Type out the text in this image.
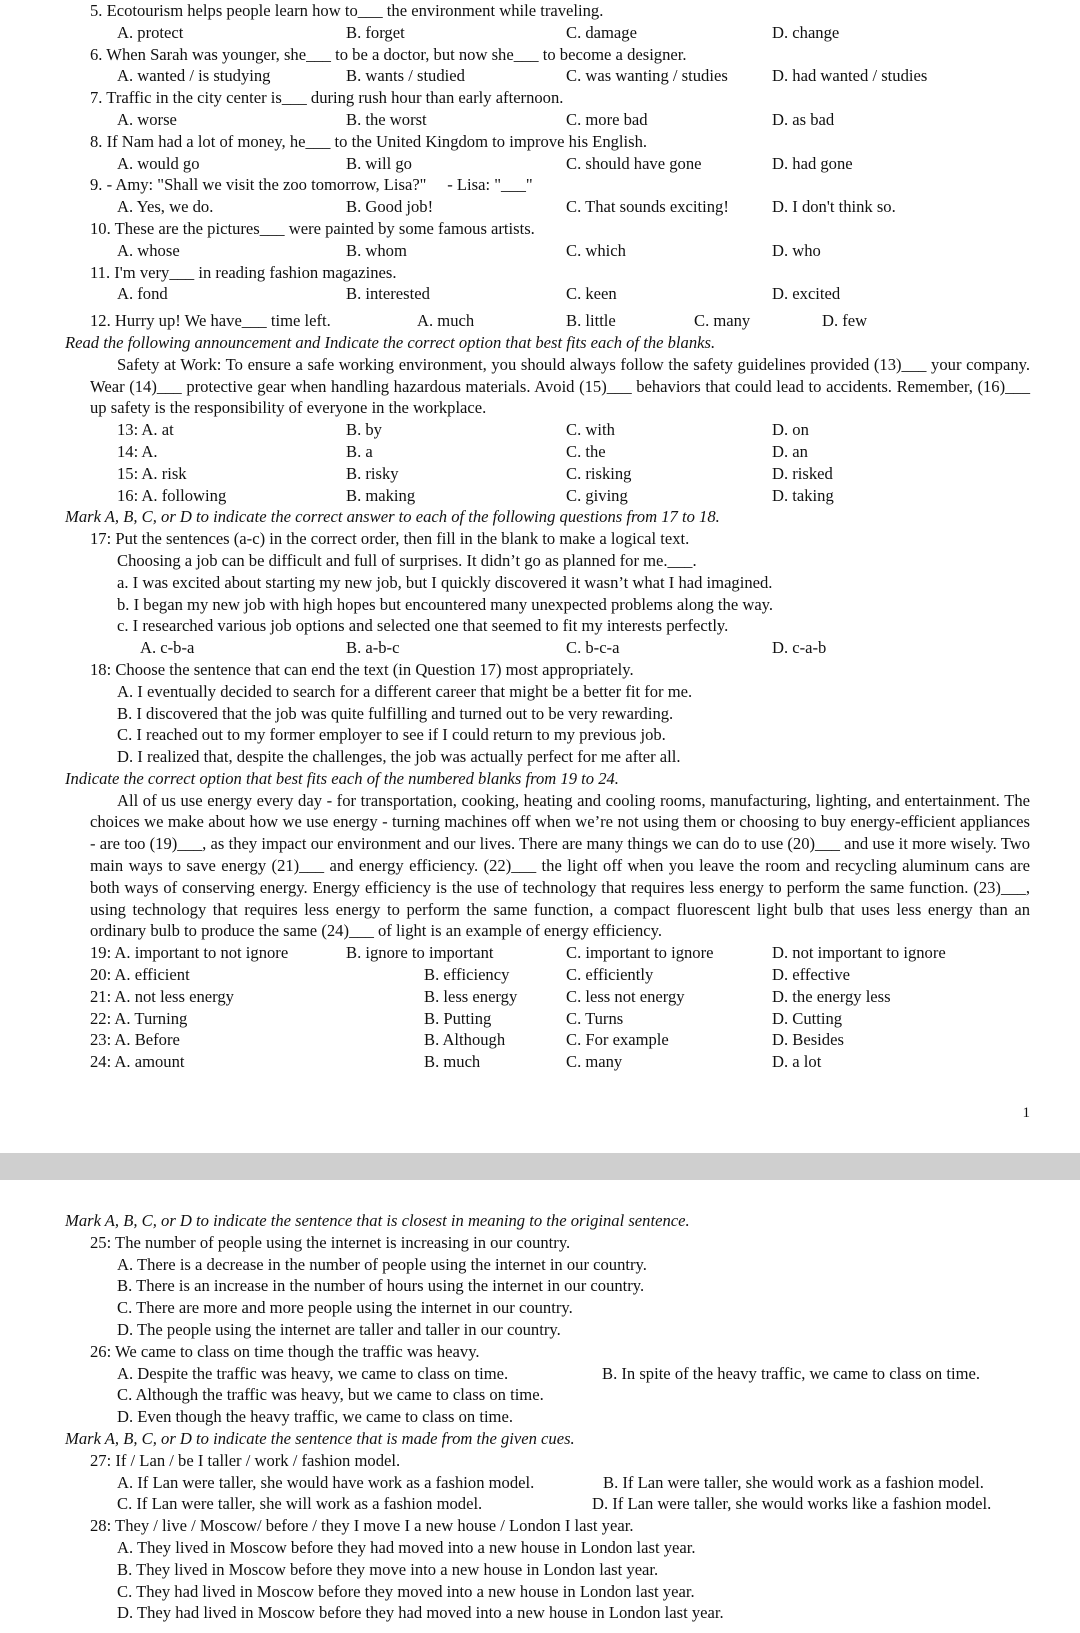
5. Ecotourism helps people learn how to___ the environment while traveling.
A. protect	B. forget	C. damage	D. change
6. When Sarah was younger, she___ to be a doctor, but now she___ to become a designer.
A. wanted / is studying	B. wants / studied	C. was wanting / studies	D. had wanted / studies
7. Traffic in the city center is___ during rush hour than early afternoon.
A. worse	B. the worst	C. more bad	D. as bad
8. If Nam had a lot of money, he___ to the United Kingdom to improve his English.
A. would go	B. will go	C. should have gone	D. had gone
9. - Amy: "Shall we visit the zoo tomorrow, Lisa?"     - Lisa: "___"
A. Yes, we do.	B. Good job!	C. That sounds exciting!	D. I don't think so.
10. These are the pictures___ were painted by some famous artists.
A. whose	B. whom	C. which	D. who
11. I'm very___ in reading fashion magazines.
A. fond	B. interested	C. keen	D. excited
12. Hurry up! We have___ time left.	A. much	B. little	C. many	D. few
Read the following announcement and Indicate the correct option that best fits each of the blanks.
Safety at Work: To ensure a safe working environment, you should always follow the safety guidelines provided (13)___ your company. Wear (14)___ protective gear when handling hazardous materials. Avoid (15)___ behaviors that could lead to accidents. Remember, (16)___ up safety is the responsibility of everyone in the workplace.
13: A. at	B. by	C. with	D. on
14: A.	B. a	C. the	D. an
15: A. risk	B. risky	C. risking	D. risked
16: A. following	B. making	C. giving	D. taking
Mark A, B, C, or D to indicate the correct answer to each of the following questions from 17 to 18.
17: Put the sentences (a-c) in the correct order, then fill in the blank to make a logical text.
Choosing a job can be difficult and full of surprises. It didn’t go as planned for me.___.
a. I was excited about starting my new job, but I quickly discovered it wasn’t what I had imagined.
b. I began my new job with high hopes but encountered many unexpected problems along the way.
c. I researched various job options and selected one that seemed to fit my interests perfectly.
A. c-b-a	B. a-b-c	C. b-c-a	D. c-a-b
18: Choose the sentence that can end the text (in Question 17) most appropriately.
A. I eventually decided to search for a different career that might be a better fit for me.
B. I discovered that the job was quite fulfilling and turned out to be very rewarding.
C. I reached out to my former employer to see if I could return to my previous job.
D. I realized that, despite the challenges, the job was actually perfect for me after all.
Indicate the correct option that best fits each of the numbered blanks from 19 to 24.
All of us use energy every day - for transportation, cooking, heating and cooling rooms, manufacturing, lighting, and entertainment. The choices we make about how we use energy - turning machines off when we’re not using them or choosing to buy energy-efficient appliances - are too (19)___, as they impact our environment and our lives. There are many things we can do to use (20)___ and use it more wisely. Two main ways to save energy (21)___ and energy efficiency. (22)___ the light off when you leave the room and recycling aluminum cans are both ways of conserving energy. Energy efficiency is the use of technology that requires less energy to perform the same function. (23)___, using technology that requires less energy to perform the same function, a compact fluorescent light bulb that uses less energy than an ordinary bulb to produce the same (24)___ of light is an example of energy efficiency.
19: A. important to not ignore	B. ignore to important	C. important to ignore	D. not important to ignore
20: A. efficient	B. efficiency	C. efficiently	D. effective
21: A. not less energy	B. less energy	C. less not energy	D. the energy less
22: A. Turning	B. Putting	C. Turns	D. Cutting
23: A. Before	B. Although	C. For example	D. Besides
24: A. amount	B. much	C. many	D. a lot
1
Mark A, B, C, or D to indicate the sentence that is closest in meaning to the original sentence.
25: The number of people using the internet is increasing in our country.
A. There is a decrease in the number of people using the internet in our country.
B. There is an increase in the number of hours using the internet in our country.
C. There are more and more people using the internet in our country.
D. The people using the internet are taller and taller in our country.
26: We came to class on time though the traffic was heavy.
A. Despite the traffic was heavy, we came to class on time.	B. In spite of the heavy traffic, we came to class on time.
C. Although the traffic was heavy, but we came to class on time.
D. Even though the heavy traffic, we came to class on time.
Mark A, B, C, or D to indicate the sentence that is made from the given cues.
27: If / Lan / be I taller / work / fashion model.
A. If Lan were taller, she would have work as a fashion model.	B. If Lan were taller, she would work as a fashion model.
C. If Lan were taller, she will work as a fashion model.	D. If Lan were taller, she would works like a fashion model.
28: They / live / Moscow/ before / they I move I a new house / London I last year.
A. They lived in Moscow before they had moved into a new house in London last year.
B. They lived in Moscow before they move into a new house in London last year.
C. They had lived in Moscow before they moved into a new house in London last year.
D. They had lived in Moscow before they had moved into a new house in London last year.
